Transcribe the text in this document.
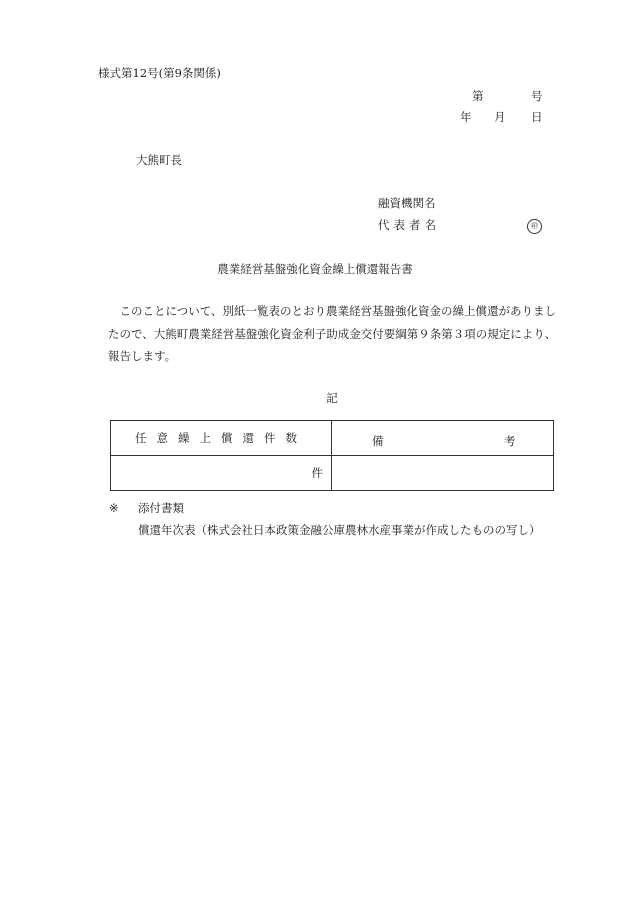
様式第12号(第9条関係)
第	号
年 月 日
大熊町長
融資機関名
代表者名	㊞
農業経営基盤強化資金繰上償還報告書

　このことについて、別紙一覧表のとおり農業経営基盤強化資金の繰上償還がありまし

たので、大熊町農業経営基盤強化資金利子助成金交付要綱第９条第３項の規定により、

報告します。

記
任意繰上償還件数	備 考

件	
※ 添付書類
償還年次表（株式会社日本政策金融公庫農林水産事業が作成したものの写し）
